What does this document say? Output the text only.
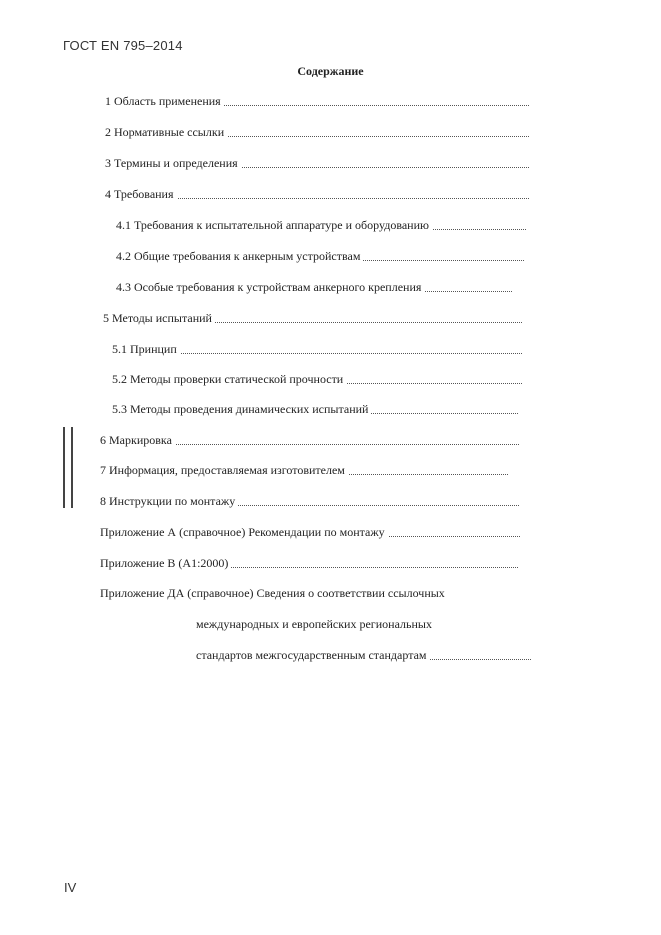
ГОСТ EN 795–2014
Содержание
1 Область применения
2 Нормативные ссылки
3 Термины и определения
4 Требования
4.1 Требования к испытательной аппаратуре и оборудованию
4.2 Общие требования к анкерным устройствам
4.3 Особые требования к устройствам анкерного крепления
5 Методы испытаний
5.1 Принцип
5.2 Методы проверки статической прочности
5.3 Методы проведения динамических испытаний
6 Маркировка
7 Информация, предоставляемая изготовителем
8 Инструкции по монтажу
Приложение А (справочное) Рекомендации по монтажу
Приложение В (A1:2000)
Приложение ДА (справочное) Сведения о соответствии ссылочных
международных и европейских региональных
стандартов межгосударственным стандартам
IV
